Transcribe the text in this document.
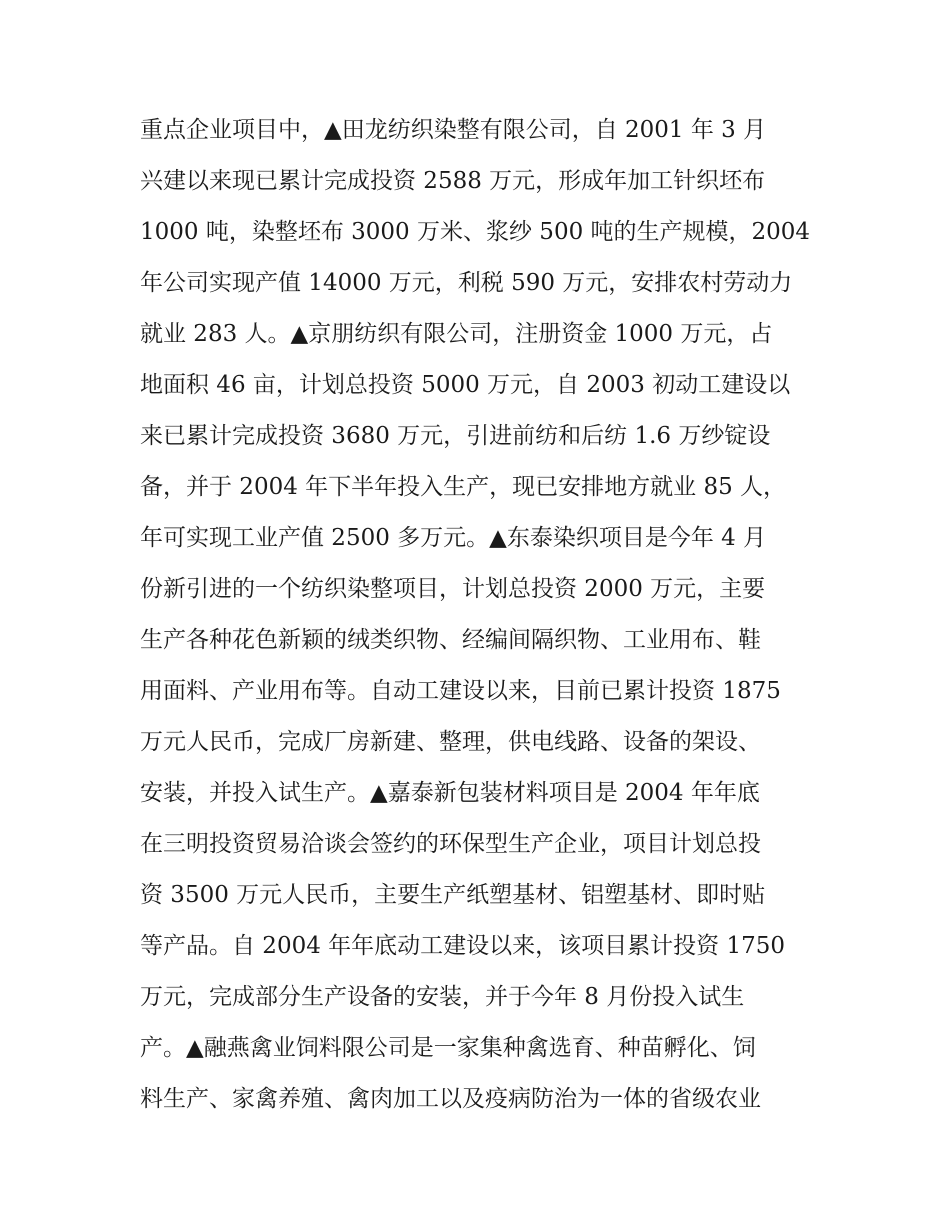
重点企业项目中，▲田龙纺织染整有限公司，自 2001 年 3 月
兴建以来现已累计完成投资 2588 万元，形成年加工针织坯布
1000 吨，染整坯布 3000 万米、浆纱 500 吨的生产规模，2004
年公司实现产值 14000 万元，利税 590 万元，安排农村劳动力
就业 283 人。▲京朋纺织有限公司，注册资金 1000 万元，占
地面积 46 亩，计划总投资 5000 万元，自 2003 初动工建设以
来已累计完成投资 3680 万元，引进前纺和后纺 1.6 万纱锭设
备，并于 2004 年下半年投入生产，现已安排地方就业 85 人，
年可实现工业产值 2500 多万元。▲东泰染织项目是今年 4 月
份新引进的一个纺织染整项目，计划总投资 2000 万元，主要
生产各种花色新颖的绒类织物、经编间隔织物、工业用布、鞋
用面料、产业用布等。自动工建设以来，目前已累计投资 1875
万元人民币，完成厂房新建、整理，供电线路、设备的架设、
安装，并投入试生产。▲嘉泰新包装材料项目是 2004 年年底
在三明投资贸易洽谈会签约的环保型生产企业，项目计划总投
资 3500 万元人民币，主要生产纸塑基材、铝塑基材、即时贴
等产品。自 2004 年年底动工建设以来，该项目累计投资 1750
万元，完成部分生产设备的安装，并于今年 8 月份投入试生
产。▲融燕禽业饲料限公司是一家集种禽选育、种苗孵化、饲
料生产、家禽养殖、禽肉加工以及疫病防治为一体的省级农业
